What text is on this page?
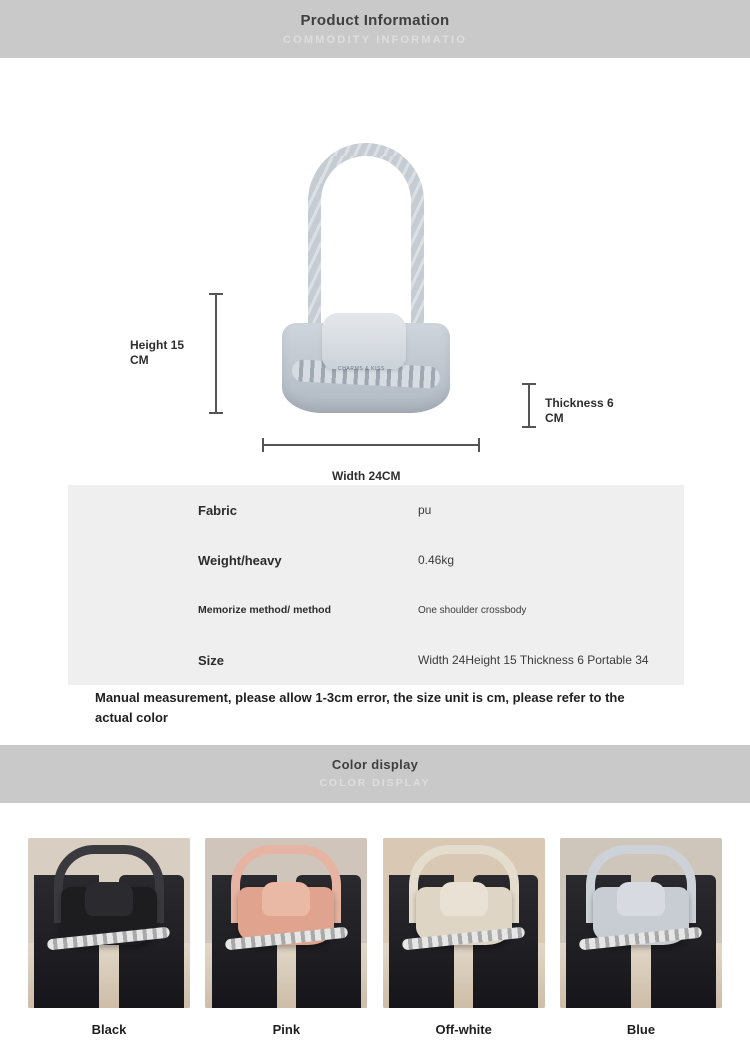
Product Information
COMMODITY INFORMATIO
CHARMS & KISS
Height 15 CM
Width 24CM
Thickness 6 CM
Fabric	pu
Weight/heavy	0.46kg
Memorize method/ method	One shoulder crossbody
Size	Width 24Height 15 Thickness 6 Portable 34
Manual measurement, please allow 1-3cm error, the size unit is cm, please refer to the actual color
Color display
COLOR DISPLAY
Black	Pink	Off-white	Blue
